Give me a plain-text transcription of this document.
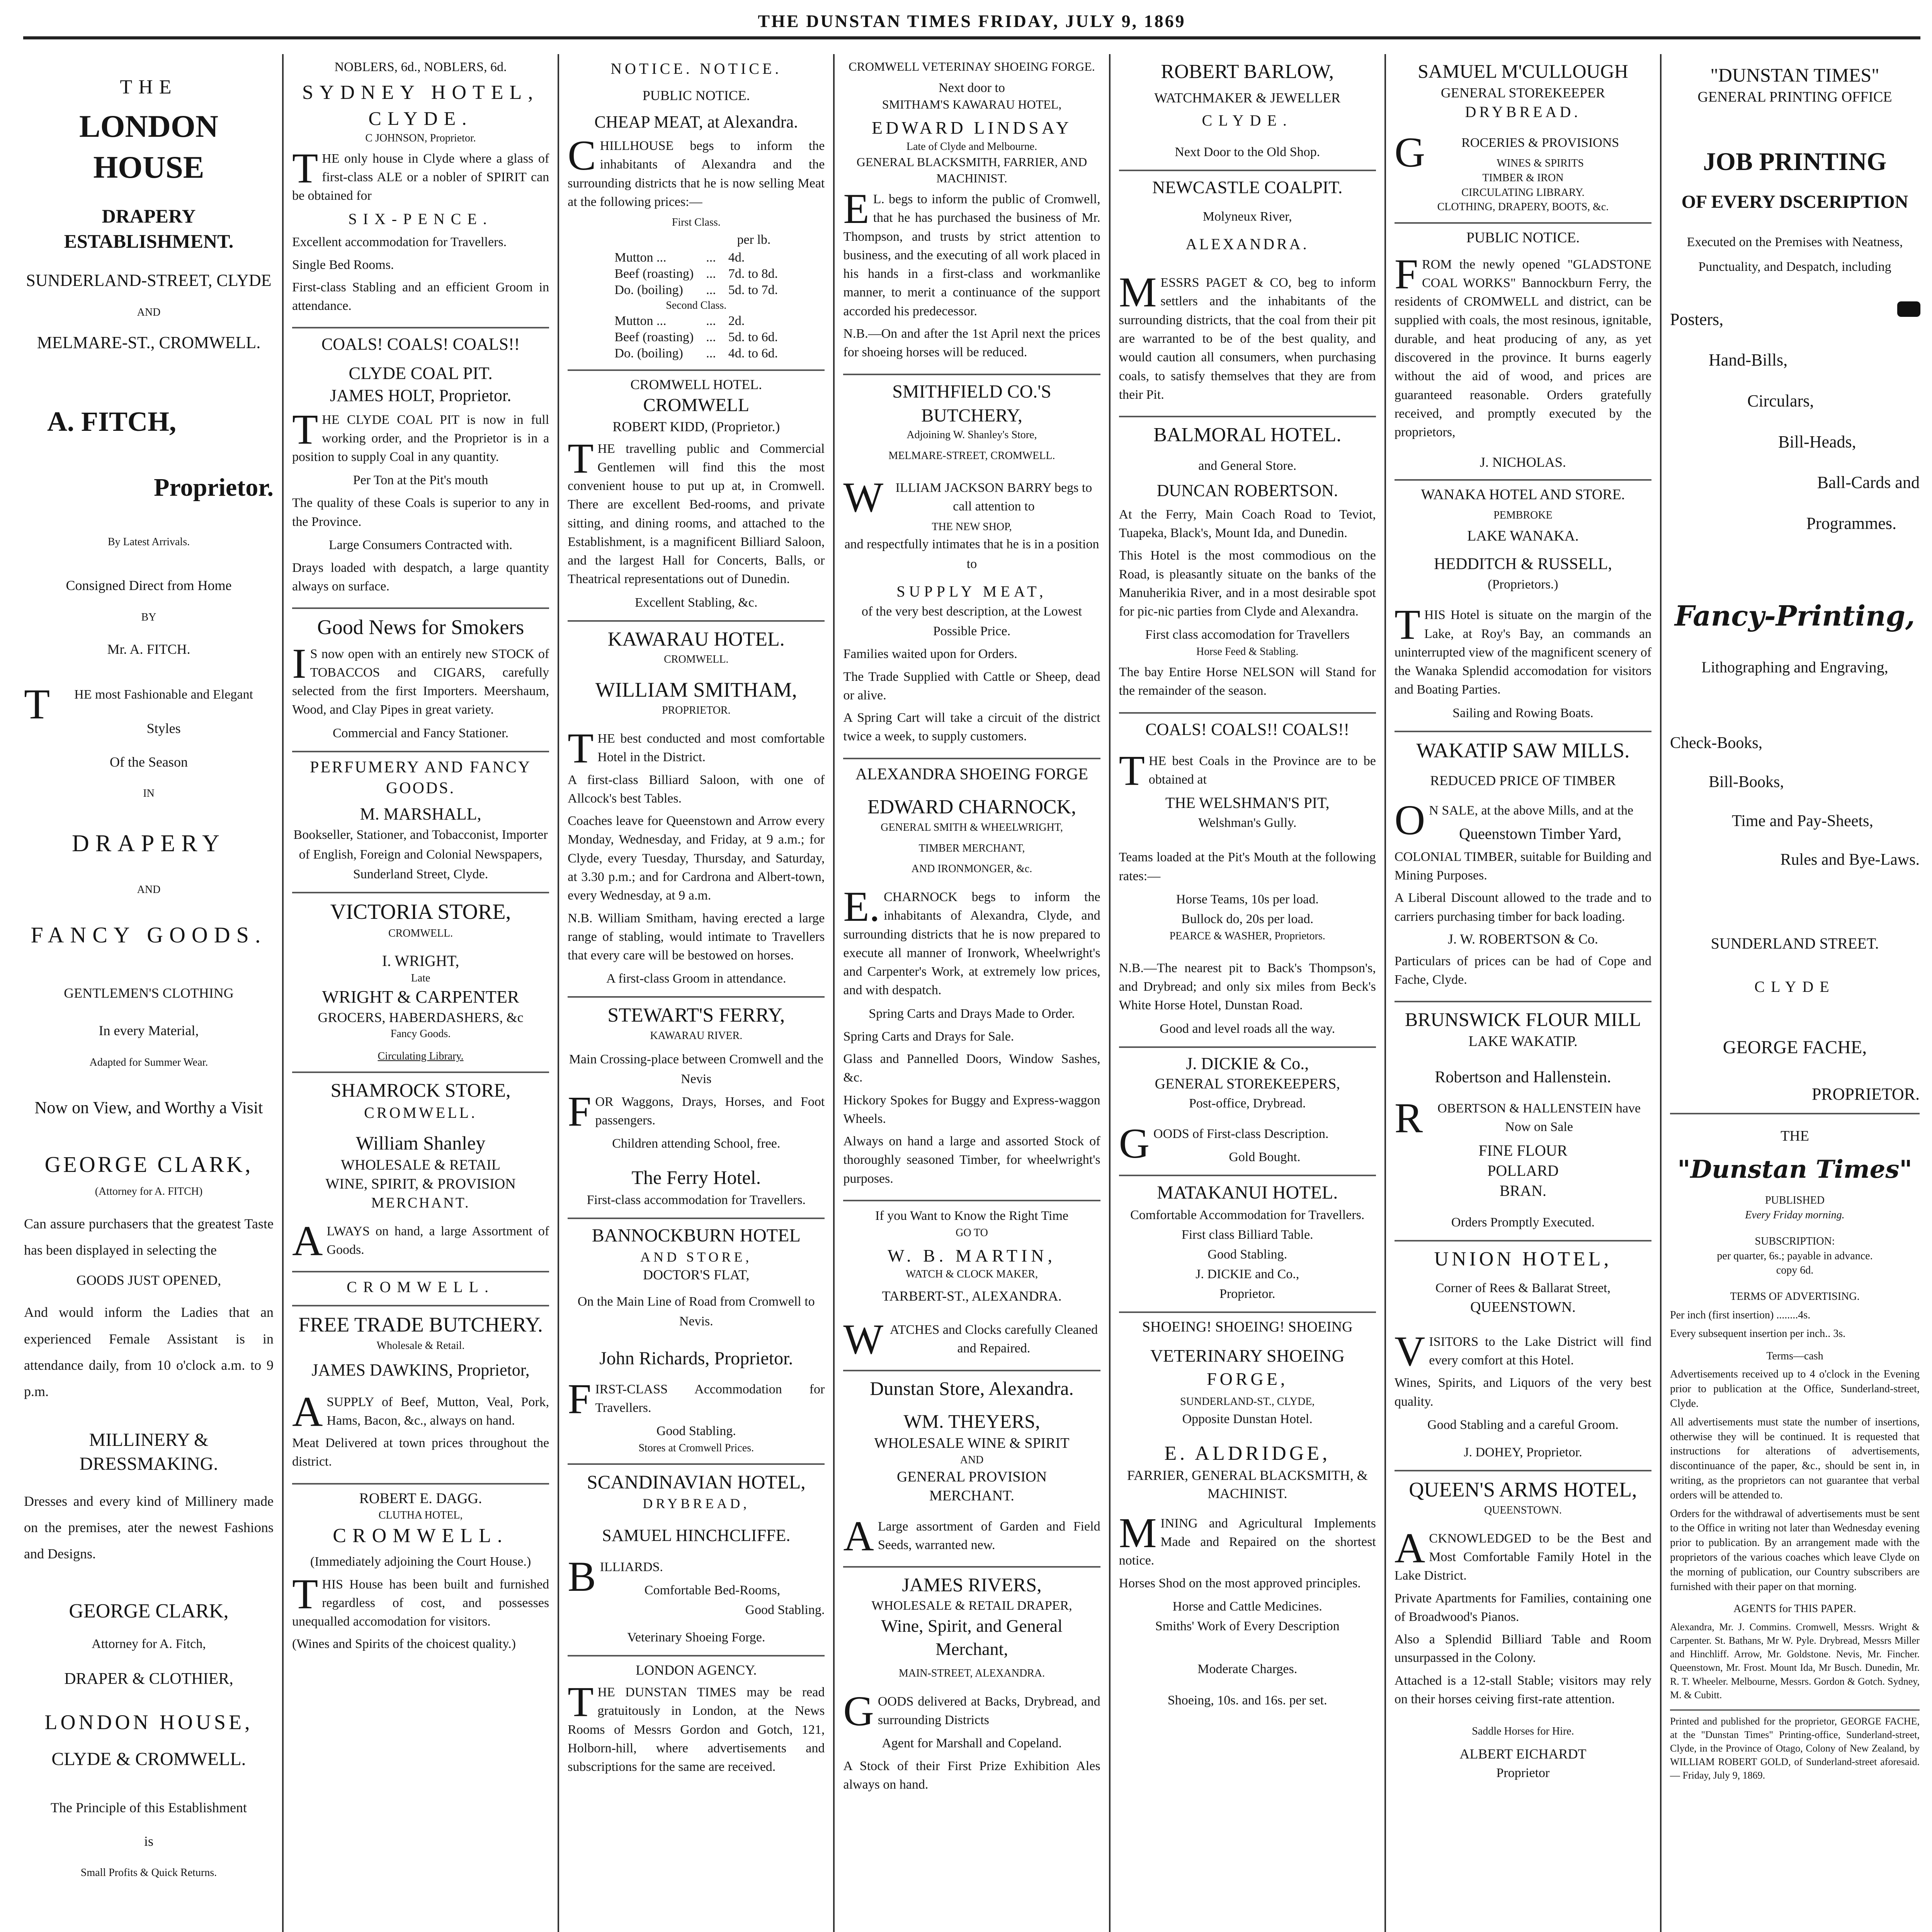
THE DUNSTAN TIMES FRIDAY, JULY 9, 1869
THE
LONDON HOUSE
DRAPERY ESTABLISHMENT.
SUNDERLAND-STREET, CLYDE
AND
MELMARE-ST., CROMWELL.
A. FITCH,
Proprietor.
By Latest Arrivals.
Consigned Direct from Home
BY
Mr. A. FITCH.
THE most Fashionable and Elegant
Styles
Of the Season
IN
DRAPERY
AND
FANCY GOODS.
GENTLEMEN'S CLOTHING
In every Material,
Adapted for Summer Wear.
Now on View, and Worthy a Visit
GEORGE CLARK,
(Attorney for A. FITCH)
Can assure purchasers that the greatest Taste has been displayed in selecting the
GOODS JUST OPENED,
And would inform the Ladies that an experienced Female Assistant is in attendance daily, from 10 o'clock a.m. to 9 p.m.
MILLINERY & DRESSMAKING.
Dresses and every kind of Millinery made on the premises, ater the newest Fashions and Designs.
GEORGE CLARK,
Attorney for A. Fitch,
DRAPER & CLOTHIER,
LONDON HOUSE,
CLYDE & CROMWELL.
The Principle of this Establishment
is
Small Profits & Quick Returns.
NOBLERS, 6d., NOBLERS, 6d.
SYDNEY HOTEL,
CLYDE.
C JOHNSON, Proprietor.
THE only house in Clyde where a glass of first-class ALE or a nobler of SPIRIT can be obtained for
SIX-PENCE.
Excellent accommodation for Travellers.
Single Bed Rooms.
First-class Stabling and an efficient Groom in attendance.
COALS! COALS! COALS!!
CLYDE COAL PIT.
JAMES HOLT, Proprietor.
THE CLYDE COAL PIT is now in full working order, and the Proprietor is in a position to supply Coal in any quantity.
Per Ton at the Pit's mouth
The quality of these Coals is superior to any in the Province.
Large Consumers Contracted with.
Drays loaded with despatch, a large quantity always on surface.
Good News for Smokers
IS now open with an entirely new STOCK of TOBACCOS and CIGARS, carefully selected from the first Importers. Meershaum, Wood, and Clay Pipes in great variety.
Commercial and Fancy Stationer.
PERFUMERY AND FANCY GOODS.
M. MARSHALL,
Bookseller, Stationer, and Tobacconist, Importer of English, Foreign and Colonial Newspapers,
Sunderland Street, Clyde.
VICTORIA STORE,
CROMWELL.
I. WRIGHT,
Late
WRIGHT & CARPENTER
GROCERS, HABERDASHERS, &c
Fancy Goods.
Circulating Library.
SHAMROCK STORE,
CROMWELL.
William Shanley
WHOLESALE & RETAIL
WINE, SPIRIT, & PROVISION
MERCHANT.
ALWAYS on hand, a large Assortment of Goods.
CROMWELL.
FREE TRADE BUTCHERY.
Wholesale & Retail.
JAMES DAWKINS, Proprietor,
ASUPPLY of Beef, Mutton, Veal, Pork, Hams, Bacon, &c., always on hand.
Meat Delivered at town prices throughout the district.
ROBERT E. DAGG.
CLUTHA HOTEL,
CROMWELL.
(Immediately adjoining the Court House.)
THIS House has been built and furnished regardless of cost, and possesses unequalled accomodation for visitors.
(Wines and Spirits of the choicest quality.)
NOTICE. NOTICE.
PUBLIC NOTICE.
CHEAP MEAT, at Alexandra.
CHILLHOUSE begs to inform the inhabitants of Alexandra and the surrounding districts that he is now selling Meat at the following prices:—
First Class.
per lb.
Mutton ...	...	4d.
Beef (roasting)	...	7d. to 8d.
Do. (boiling)	...	5d. to 7d.
Second Class.
Mutton ...	...	2d.
Beef (roasting)	...	5d. to 6d.
Do. (boiling)	...	4d. to 6d.
CROMWELL HOTEL.
CROMWELL
ROBERT KIDD, (Proprietor.)
THE travelling public and Commercial Gentlemen will find this the most convenient house to put up at, in Cromwell. There are excellent Bed-rooms, and private sitting, and dining rooms, and attached to the Establishment, is a magnificent Billiard Saloon, and the largest Hall for Concerts, Balls, or Theatrical representations out of Dunedin.
Excellent Stabling, &c.
KAWARAU HOTEL.
CROMWELL.
WILLIAM SMITHAM,
PROPRIETOR.
THE best conducted and most comfortable Hotel in the District.
A first-class Billiard Saloon, with one of Allcock's best Tables.
Coaches leave for Queenstown and Arrow every Monday, Wednesday, and Friday, at 9 a.m.; for Clyde, every Tuesday, Thursday, and Saturday, at 3.30 p.m.; and for Cardrona and Albert-town, every Wednesday, at 9 a.m.
N.B. William Smitham, having erected a large range of stabling, would intimate to Travellers that every care will be bestowed on horses.
A first-class Groom in attendance.
STEWART'S FERRY,
KAWARAU RIVER.
Main Crossing-place between Cromwell and the Nevis
FOR Waggons, Drays, Horses, and Foot passengers.
Children attending School, free.
The Ferry Hotel.
First-class accommodation for Travellers.
BANNOCKBURN HOTEL
AND STORE,
DOCTOR'S FLAT,
On the Main Line of Road from Cromwell to Nevis.
John Richards, Proprietor.
FIRST-CLASS Accommodation for Travellers.
Good Stabling.
Stores at Cromwell Prices.
SCANDINAVIAN HOTEL,
DRYBREAD,
SAMUEL HINCHCLIFFE.
BILLIARDS.
Comfortable Bed-Rooms,
Good Stabling.
Veterinary Shoeing Forge.
LONDON AGENCY.
THE DUNSTAN TIMES may be read gratuitously in London, at the News Rooms of Messrs Gordon and Gotch, 121, Holborn-hill, where advertisements and subscriptions for the same are received.
CROMWELL VETERINAY SHOEING FORGE.
Next door to
SMITHAM'S KAWARAU HOTEL,
EDWARD LINDSAY
Late of Clyde and Melbourne.
GENERAL BLACKSMITH, FARRIER, AND MACHINIST.
EL. begs to inform the public of Cromwell, that he has purchased the business of Mr. Thompson, and trusts by strict attention to business, and the executing of all work placed in his hands in a first-class and workmanlike manner, to merit a continuance of the support accorded his predecessor.
N.B.—On and after the 1st April next the prices for shoeing horses will be reduced.
SMITHFIELD CO.'S BUTCHERY,
Adjoining W. Shanley's Store,
MELMARE-STREET, CROMWELL.
WILLIAM JACKSON BARRY begs to call attention to
THE NEW SHOP,
and respectfully intimates that he is in a position to
SUPPLY MEAT,
of the very best description, at the Lowest Possible Price.
Families waited upon for Orders.
The Trade Supplied with Cattle or Sheep, dead or alive.
A Spring Cart will take a circuit of the district twice a week, to supply customers.
ALEXANDRA SHOEING FORGE
EDWARD CHARNOCK,
GENERAL SMITH & WHEELWRIGHT,
TIMBER MERCHANT,
AND IRONMONGER, &c.
E.CHARNOCK begs to inform the inhabitants of Alexandra, Clyde, and surrounding districts that he is now prepared to execute all manner of Ironwork, Wheelwright's and Carpenter's Work, at extremely low prices, and with despatch.
Spring Carts and Drays Made to Order.
Spring Carts and Drays for Sale.
Glass and Pannelled Doors, Window Sashes, &c.
Hickory Spokes for Buggy and Express-waggon Wheels.
Always on hand a large and assorted Stock of thoroughly seasoned Timber, for wheelwright's purposes.
If you Want to Know the Right Time
GO TO
W. B. MARTIN,
WATCH & CLOCK MAKER,
TARBERT-ST., ALEXANDRA.
WATCHES and Clocks carefully Cleaned and Repaired.
Dunstan Store, Alexandra.
WM. THEYERS,
WHOLESALE WINE & SPIRIT
AND
GENERAL PROVISION
MERCHANT.
ALarge assortment of Garden and Field Seeds, warranted new.
JAMES RIVERS,
WHOLESALE & RETAIL DRAPER,
Wine, Spirit, and General
Merchant,
MAIN-STREET, ALEXANDRA.
GOODS delivered at Backs, Drybread, and surrounding Districts
Agent for Marshall and Copeland.
A Stock of their First Prize Exhibition Ales always on hand.
ROBERT BARLOW,
WATCHMAKER & JEWELLER
CLYDE.
Next Door to the Old Shop.
NEWCASTLE COALPIT.
Molyneux River,
ALEXANDRA.
MESSRS PAGET & CO, beg to inform settlers and the inhabitants of the surrounding districts, that the coal from their pit are warranted to be of the best quality, and would caution all consumers, when purchasing coals, to satisfy themselves that they are from their Pit.
BALMORAL HOTEL.
and General Store.
DUNCAN ROBERTSON.
At the Ferry, Main Coach Road to Teviot, Tuapeka, Black's, Mount Ida, and Dunedin.
This Hotel is the most commodious on the Road, is pleasantly situate on the banks of the Manuherikia River, and in a most desirable spot for pic-nic parties from Clyde and Alexandra.
First class accomodation for Travellers
Horse Feed & Stabling.
The bay Entire Horse NELSON will Stand for the remainder of the season.
COALS! COALS!! COALS!!
THE best Coals in the Province are to be obtained at
THE WELSHMAN'S PIT,
Welshman's Gully.
Teams loaded at the Pit's Mouth at the following rates:—
Horse Teams, 10s per load.
Bullock do, 20s per load.
PEARCE & WASHER, Proprietors.
N.B.—The nearest pit to Back's Thompson's, and Drybread; and only six miles from Beck's White Horse Hotel, Dunstan Road.
Good and level roads all the way.
J. DICKIE & Co.,
GENERAL STOREKEEPERS,
Post-office, Drybread.
GOODS of First-class Description.
Gold Bought.
MATAKANUI HOTEL.
Comfortable Accommodation for Travellers.
First class Billiard Table.
Good Stabling.
J. DICKIE and Co.,
Proprietor.
SHOEING! SHOEING! SHOEING
VETERINARY SHOEING
FORGE,
SUNDERLAND-ST., CLYDE,
Opposite Dunstan Hotel.
E. ALDRIDGE,
FARRIER, GENERAL BLACKSMITH, & MACHINIST.
MINING and Agricultural Implements Made and Repaired on the shortest notice.
Horses Shod on the most approved principles.
Horse and Cattle Medicines.
Smiths' Work of Every Description
Moderate Charges.
Shoeing, 10s. and 16s. per set.
SAMUEL M'CULLOUGH
GENERAL STOREKEEPER
DRYBREAD.
GROCERIES & PROVISIONS
WINES & SPIRITS
TIMBER & IRON
CIRCULATING LIBRARY.
CLOTHING, DRAPERY, BOOTS, &c.
PUBLIC NOTICE.
FROM the newly opened "GLADSTONE COAL WORKS" Bannockburn Ferry, the residents of CROMWELL and district, can be supplied with coals, the most resinous, ignitable, durable, and heat producing of any, as yet discovered in the province. It burns eagerly without the aid of wood, and prices are guaranteed reasonable. Orders gratefully received, and promptly executed by the proprietors,
J. NICHOLAS.
WANAKA HOTEL AND STORE.
PEMBROKE
LAKE WANAKA.
HEDDITCH & RUSSELL,
(Proprietors.)
THIS Hotel is situate on the margin of the Lake, at Roy's Bay, an commands an uninterrupted view of the magnificent scenery of the Wanaka Splendid accomodation for visitors and Boating Parties.
Sailing and Rowing Boats.
WAKATIP SAW MILLS.
REDUCED PRICE OF TIMBER
ON SALE, at the above Mills, and at the
Queenstown Timber Yard,
COLONIAL TIMBER, suitable for Building and Mining Purposes.
A Liberal Discount allowed to the trade and to carriers purchasing timber for back loading.
J. W. ROBERTSON & Co.
Particulars of prices can be had of Cope and Fache, Clyde.
BRUNSWICK FLOUR MILL
LAKE WAKATIP.
Robertson and Hallenstein.
ROBERTSON & HALLENSTEIN have Now on Sale
FINE FLOUR
POLLARD
BRAN.
Orders Promptly Executed.
UNION HOTEL,
Corner of Rees & Ballarat Street,
QUEENSTOWN.
VISITORS to the Lake District will find every comfort at this Hotel.
Wines, Spirits, and Liquors of the very best quality.
Good Stabling and a careful Groom.
J. DOHEY, Proprietor.
QUEEN'S ARMS HOTEL,
QUEENSTOWN.
ACKNOWLEDGED to be the Best and Most Comfortable Family Hotel in the Lake District.
Private Apartments for Families, containing one of Broadwood's Pianos.
Also a Splendid Billiard Table and Room unsurpassed in the Colony.
Attached is a 12-stall Stable; visitors may rely on their horses ceiving first-rate attention.
Saddle Horses for Hire.
ALBERT EICHARDT
Proprietor
"DUNSTAN TIMES"
GENERAL PRINTING OFFICE
JOB PRINTING
OF EVERY DSCERIPTION
Executed on the Premises with Neatness, Punctuality, and Despatch, including
Posters,
Hand-Bills,
Circulars,
Bill-Heads,
Ball-Cards and
Programmes.
Fancy-Printing,
Lithographing and Engraving,
Check-Books,
Bill-Books,
Time and Pay-Sheets,
Rules and Bye-Laws.
SUNDERLAND STREET.
CLYDE
GEORGE FACHE,
PROPRIETOR.
THE
"Dunstan Times"
PUBLISHED
Every Friday morning.
SUBSCRIPTION:
per quarter, 6s.; payable in advance.
copy 6d.
TERMS OF ADVERTISING.
Per inch (first insertion) ........4s.
Every subsequent insertion per inch.. 3s.
Terms—cash
Advertisements received up to 4 o'clock in the Evening prior to publication at the Office, Sunderland-street, Clyde.
All advertisements must state the number of insertions, otherwise they will be continued. It is requested that instructions for alterations of advertisements, discontinuance of the paper, &c., should be sent in, in writing, as the proprietors can not guarantee that verbal orders will be attended to.
Orders for the withdrawal of advertisements must be sent to the Office in writing not later than Wednesday evening prior to publication. By an arrangement made with the proprietors of the various coaches which leave Clyde on the morning of publication, our Country subscribers are furnished with their paper on that morning.
AGENTS for THIS PAPER.
Alexandra, Mr. J. Commins. Cromwell, Messrs. Wright & Carpenter. St. Bathans, Mr W. Pyle. Drybread, Messrs Miller and Hinchliff. Arrow, Mr. Goldstone. Nevis, Mr. Fincher. Queenstown, Mr. Frost. Mount Ida, Mr Busch. Dunedin, Mr. R. T. Wheeler. Melbourne, Messrs. Gordon & Gotch. Sydney, M. & Cubitt.
Printed and published for the proprietor, GEORGE FACHE, at the "Dunstan Times" Printing-office, Sunderland-street, Clyde, in the Province of Otago, Colony of New Zealand, by WILLIAM ROBERT GOLD, of Sunderland-street aforesaid. — Friday, July 9, 1869.
